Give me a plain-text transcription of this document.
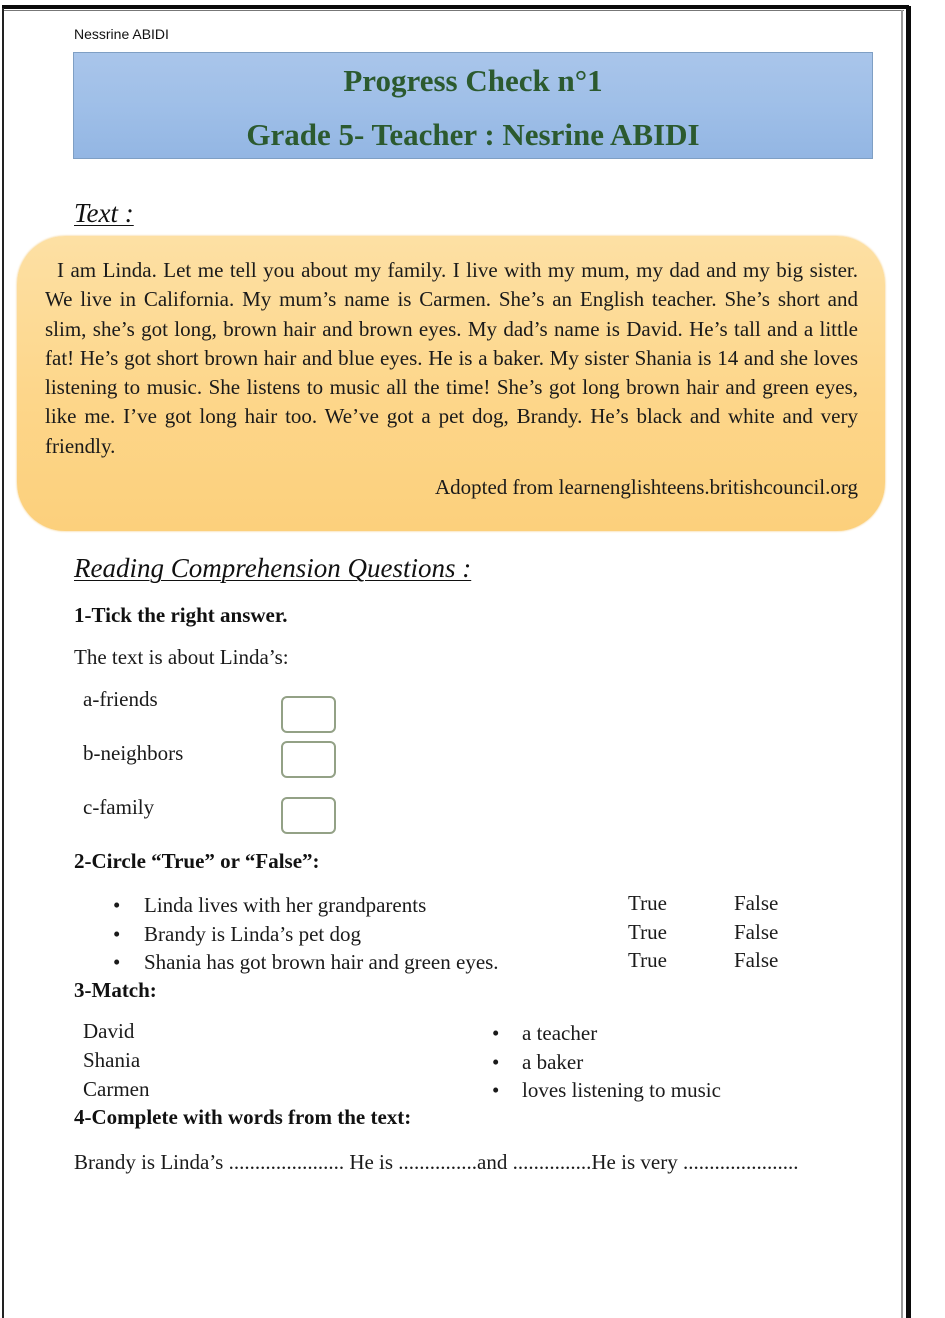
Nessrine ABIDI
Progress Check n°1
Grade 5- Teacher : Nesrine ABIDI
Text :
I am Linda. Let me tell you about my family. I live with my mum, my dad and my big sister. We live in California. My mum’s name is Carmen. She’s an English teacher. She’s short and slim, she’s got long, brown hair and brown eyes. My dad’s name is David. He’s tall and a little fat! He’s got short brown hair and blue eyes. He is a baker. My sister Shania is 14 and she loves listening to music. She listens to music all the time! She’s got long brown hair and green eyes, like me. I’ve got long hair too. We’ve got a pet dog, Brandy. He’s black and white and very friendly.
Adopted from learnenglishteens.britishcouncil.org
Reading Comprehension Questions :
1-Tick the right answer.
The text is about Linda’s:
a-friends
b-neighbors
c-family
2-Circle “True” or “False”:
• Linda lives with her grandparents	True	False
• Brandy is Linda’s pet dog	True	False
• Shania has got brown hair and green eyes.	True	False
3-Match:
David
Shania
Carmen
• a teacher
• a baker
• loves listening to music
4-Complete with words from the text:
Brandy is Linda’s ...................... He is ...............and ...............He is very ......................
